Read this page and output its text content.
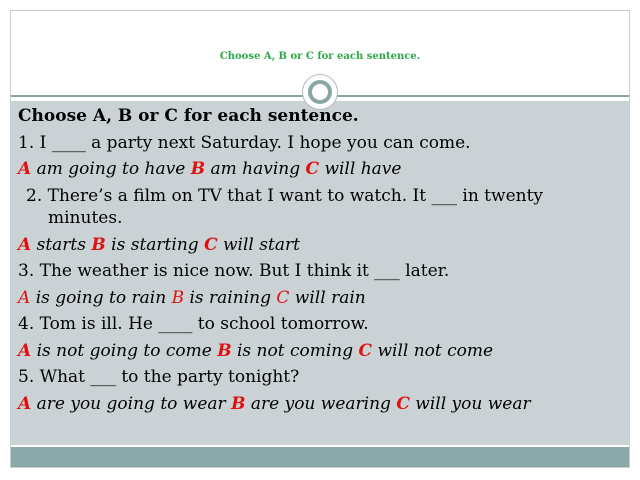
Choose A, B or C for each sentence.

Choose A, B or C for each sentence.

1. I ____ a party next Saturday. I hope you can come.

A am going to have B am having C will have

2. There’s a film on TV that I want to watch. It ___ in twenty
minutes.

A starts B is starting C will start

3. The weather is nice now. But I think it ___ later.

A is going to rain B is raining C will rain

4. Tom is ill. He ____ to school tomorrow.

A is not going to come B is not coming C will not come

5. What ___ to the party tonight?

A are you going to wear B are you wearing C will you wear
